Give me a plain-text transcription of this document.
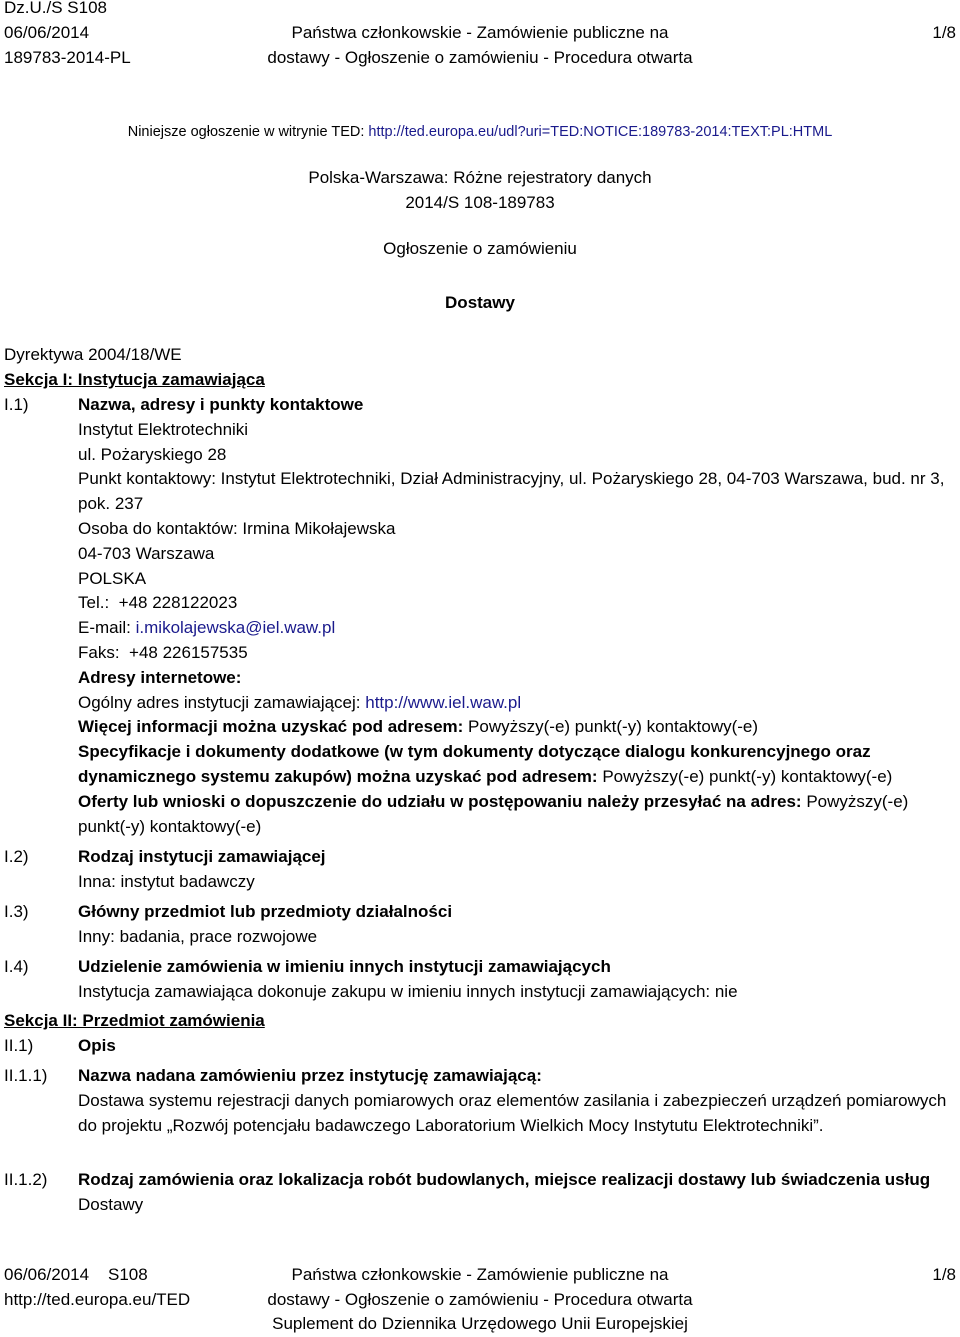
Dz.U./S S108
06/06/2014
189783-2014-PL
Państwa członkowskie - Zamówienie publiczne na
dostawy - Ogłoszenie o zamówieniu - Procedura otwarta
1/8
Niniejsze ogłoszenie w witrynie TED: http://ted.europa.eu/udl?uri=TED:NOTICE:189783-2014:TEXT:PL:HTML
Polska-Warszawa: Różne rejestratory danych
2014/S 108-189783
Ogłoszenie o zamówieniu
Dostawy
Dyrektywa 2004/18/WE
Sekcja I: Instytucja zamawiająca
I.1)	Nazwa, adresy i punkty kontaktowe
Instytut Elektrotechniki
ul. Pożaryskiego 28
Punkt kontaktowy: Instytut Elektrotechniki, Dział Administracyjny, ul. Pożaryskiego 28, 04-703 Warszawa, bud. nr 3, pok. 237
Osoba do kontaktów: Irmina Mikołajewska
04-703 Warszawa
POLSKA
Tel.: +48 228122023
E-mail: i.mikolajewska@iel.waw.pl
Faks: +48 226157535
Adresy internetowe:
Ogólny adres instytucji zamawiającej: http://www.iel.waw.pl
Więcej informacji można uzyskać pod adresem: Powyższy(-e) punkt(-y) kontaktowy(-e)
Specyfikacje i dokumenty dodatkowe (w tym dokumenty dotyczące dialogu konkurencyjnego oraz dynamicznego systemu zakupów) można uzyskać pod adresem: Powyższy(-e) punkt(-y) kontaktowy(-e)
Oferty lub wnioski o dopuszczenie do udziału w postępowaniu należy przesyłać na adres: Powyższy(-e) punkt(-y) kontaktowy(-e)
I.2)	Rodzaj instytucji zamawiającej
Inna: instytut badawczy
I.3)	Główny przedmiot lub przedmioty działalności
Inny: badania, prace rozwojowe
I.4)	Udzielenie zamówienia w imieniu innych instytucji zamawiających
Instytucja zamawiająca dokonuje zakupu w imieniu innych instytucji zamawiających: nie
Sekcja II: Przedmiot zamówienia
II.1)	Opis
II.1.1) Nazwa nadana zamówieniu przez instytucję zamawiającą:
Dostawa systemu rejestracji danych pomiarowych oraz elementów zasilania i zabezpieczeń urządzeń pomiarowych do projektu „Rozwój potencjału badawczego Laboratorium Wielkich Mocy Instytutu Elektrotechniki”.
II.1.2) Rodzaj zamówienia oraz lokalizacja robót budowlanych, miejsce realizacji dostawy lub świadczenia usług
Dostawy
06/06/2014 S108
http://ted.europa.eu/TED
Państwa członkowskie - Zamówienie publiczne na
dostawy - Ogłoszenie o zamówieniu - Procedura otwarta
Suplement do Dziennika Urzędowego Unii Europejskiej
1/8
